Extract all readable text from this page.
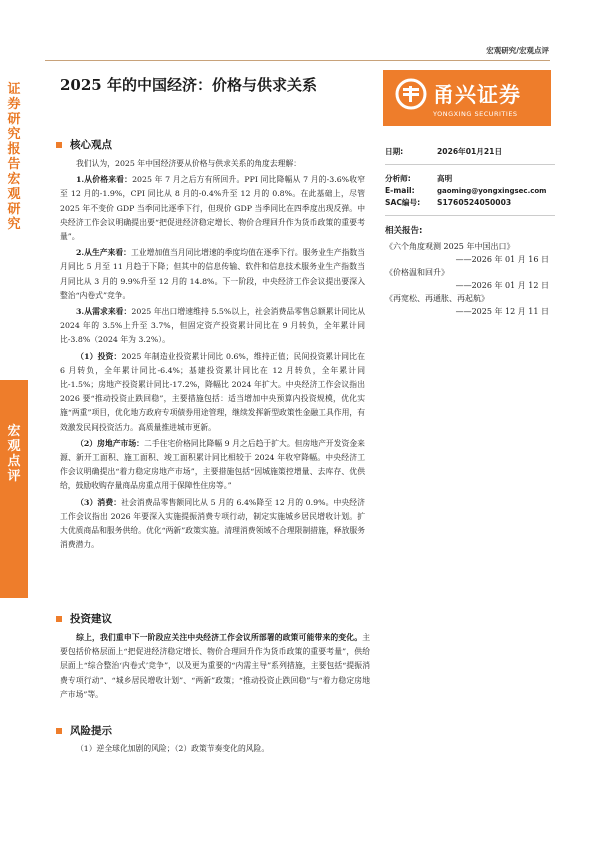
宏观研究/宏观点评
证券研究报告 宏观研究
宏观点评
2025 年的中国经济：价格与供求关系	甬兴证券
YONGXING SECURITIES
核心观点
我们认为，2025 年中国经济要从价格与供求关系的角度去理解：
1.从价格来看：2025 年 7 月之后方有所回升。PPI 同比降幅从 7 月的-3.6%收窄至 12 月的-1.9%，CPI 同比从 8 月的-0.4%升至 12 月的 0.8%。在此基础上，尽管 2025 年不变价 GDP 当季同比逐季下行，但现价 GDP 当季同比在四季度出现反弹。中央经济工作会议明确提出要“把促进经济稳定增长、物价合理回升作为货币政策的重要考量”。
2.从生产来看：工业增加值当月同比增速的季度均值在逐季下行。服务业生产指数当月同比 5 月至 11 月趋于下降；但其中的信息传输、软件和信息技术服务业生产指数当月同比从 3 月的 9.9%升至 12 月的 14.8%。下一阶段，中央经济工作会议提出要深入整治“内卷式”竞争。
3.从需求来看：2025 年出口增速维持 5.5%以上，社会消费品零售总额累计同比从 2024 年的 3.5%上升至 3.7%，但固定资产投资累计同比在 9 月转负，全年累计同比-3.8%（2024 年为 3.2%）。
（1）投资：2025 年制造业投资累计同比 0.6%，维持正值；民间投资累计同比在 6 月转负，全年累计同比-6.4%；基建投资累计同比在 12 月转负，全年累计同比-1.5%；房地产投资累计同比-17.2%，降幅比 2024 年扩大。中央经济工作会议指出 2026 要“推动投资止跌回稳”，主要措施包括：适当增加中央预算内投资规模，优化实施“两重”项目，优化地方政府专项债券用途管理，继续发挥新型政策性金融工具作用，有效激发民间投资活力。高质量推进城市更新。
（2）房地产市场：二手住宅价格同比降幅 9 月之后趋于扩大。但房地产开发资金来源、新开工面积、施工面积、竣工面积累计同比相较于 2024 年收窄降幅。中央经济工作会议明确提出“着力稳定房地产市场”，主要措施包括“因城施策控增量、去库存、优供给，鼓励收购存量商品房重点用于保障性住房等。”
（3）消费：社会消费品零售额同比从 5 月的 6.4%降至 12 月的 0.9%。中央经济工作会议指出 2026 年要深入实施提振消费专项行动，制定实施城乡居民增收计划。扩大优质商品和服务供给。优化“两新”政策实施。清理消费领域不合理限制措施，释放服务消费潜力。
投资建议
综上，我们重申下一阶段应关注中央经济工作会议所部署的政策可能带来的变化。主要包括价格层面上“把促进经济稳定增长、物价合理回升作为货币政策的重要考量”，供给层面上“综合整治‘内卷式’竞争”，以及更为重要的“内需主导”系列措施，主要包括“提振消费专项行动”、“城乡居民增收计划”、“两新”政策；“推动投资止跌回稳”与“着力稳定房地产市场”等。
风险提示
（1）逆全球化加剧的风险；（2）政策节奏变化的风险。
日期:	2026年01月21日
分析师:	高明
E-mail:	gaoming@yongxingsec.com
SAC编号:	S1760524050003
相关报告:
《六个角度观测 2025 年中国出口》
——2026 年 01 月 16 日
《价格温和回升》
——2026 年 01 月 12 日
《再宽松、再通胀、再起航》
——2025 年 12 月 11 日
